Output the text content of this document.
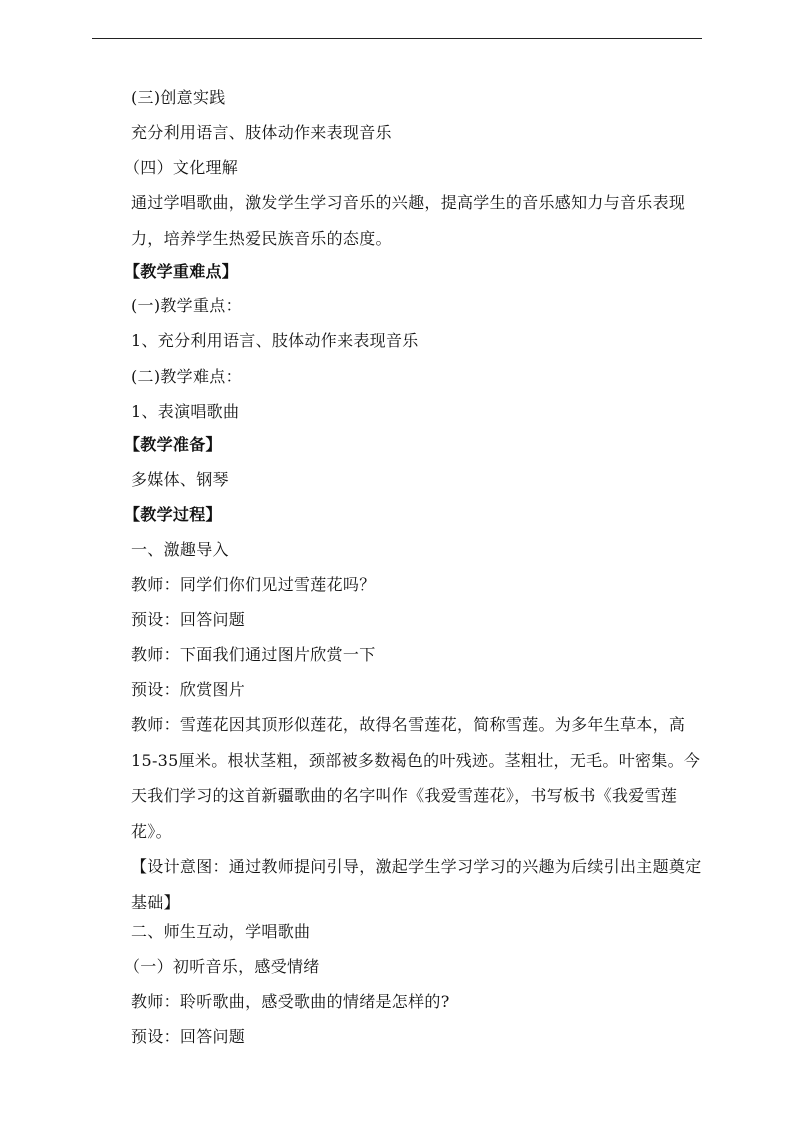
(三)创意实践
充分利用语言、肢体动作来表现音乐
（四）文化理解
通过学唱歌曲，激发学生学习音乐的兴趣，提高学生的音乐感知力与音乐表现力，培养学生热爱民族音乐的态度。
【教学重难点】
(一)教学重点：
1、充分利用语言、肢体动作来表现音乐
(二)教学难点：
1、表演唱歌曲
【教学准备】
多媒体、钢琴
【教学过程】
一、激趣导入
教师：同学们你们见过雪莲花吗？
预设：回答问题
教师：下面我们通过图片欣赏一下
预设：欣赏图片
教师：雪莲花因其顶形似莲花，故得名雪莲花，简称雪莲。为多年生草本，高15-35厘米。根状茎粗，颈部被多数褐色的叶残迹。茎粗壮，无毛。叶密集。今天我们学习的这首新疆歌曲的名字叫作《我爱雪莲花》，书写板书《我爱雪莲花》。
【设计意图：通过教师提问引导，激起学生学习学习的兴趣为后续引出主题奠定基础】
二、师生互动，学唱歌曲
（一）初听音乐，感受情绪
教师：聆听歌曲，感受歌曲的情绪是怎样的?
预设：回答问题
